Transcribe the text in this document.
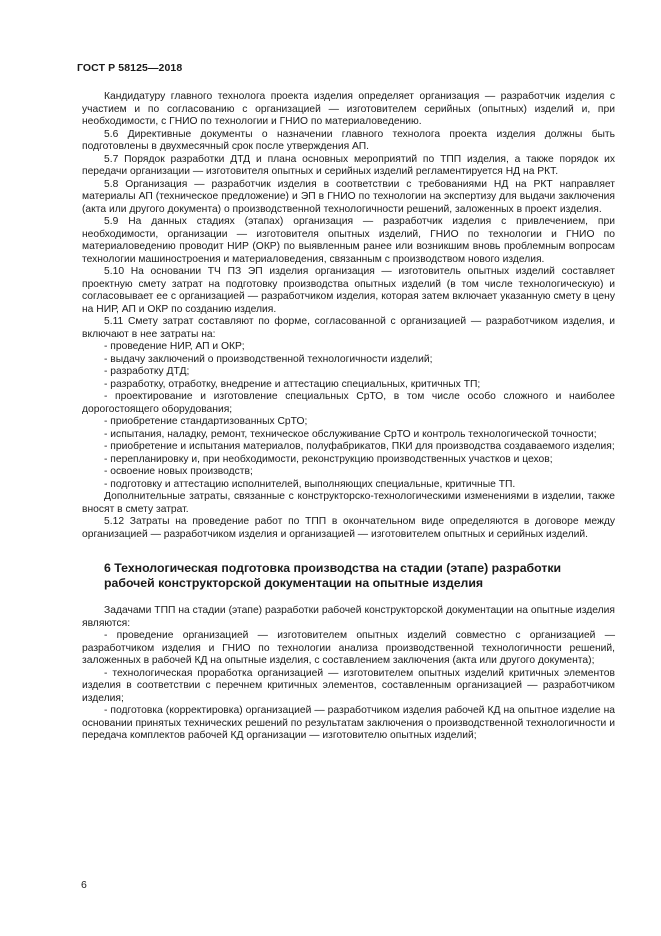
ГОСТ Р 58125—2018

Кандидатуру главного технолога проекта изделия определяет организация — разработчик изделия с участием и по согласованию с организацией — изготовителем серийных (опытных) изделий и, при необходимости, с ГНИО по технологии и ГНИО по материаловедению.

5.6 Директивные документы о назначении главного технолога проекта изделия должны быть подготовлены в двухмесячный срок после утверждения АП.

5.7 Порядок разработки ДТД и плана основных мероприятий по ТПП изделия, а также порядок их передачи организации — изготовителя опытных и серийных изделий регламентируется НД на РКТ.

5.8 Организация — разработчик изделия в соответствии с требованиями НД на РКТ направляет материалы АП (техническое предложение) и ЭП в ГНИО по технологии на экспертизу для выдачи заключения (акта или другого документа) о производственной технологичности решений, заложенных в проект изделия.

5.9 На данных стадиях (этапах) организация — разработчик изделия с привлечением, при необходимости, организации — изготовителя опытных изделий, ГНИО по технологии и ГНИО по материаловедению проводит НИР (ОКР) по выявленным ранее или возникшим вновь проблемным вопросам технологии машиностроения и материаловедения, связанным с производством нового изделия.

5.10 На основании ТЧ ПЗ ЭП изделия организация — изготовитель опытных изделий составляет проектную смету затрат на подготовку производства опытных изделий (в том числе технологическую) и согласовывает ее с организацией — разработчиком изделия, которая затем включает указанную смету в цену на НИР, АП и ОКР по созданию изделия.

5.11 Смету затрат составляют по форме, согласованной с организацией — разработчиком изделия, и включают в нее затраты на:

- проведение НИР, АП и ОКР;

- выдачу заключений о производственной технологичности изделий;

- разработку ДТД;

- разработку, отработку, внедрение и аттестацию специальных, критичных ТП;

- проектирование и изготовление специальных СрТО, в том числе особо сложного и наиболее дорогостоящего оборудования;

- приобретение стандартизованных СрТО;

- испытания, наладку, ремонт, техническое обслуживание СрТО и контроль технологической точности;

- приобретение и испытания материалов, полуфабрикатов, ПКИ для производства создаваемого изделия;

- перепланировку и, при необходимости, реконструкцию производственных участков и цехов;

- освоение новых производств;

- подготовку и аттестацию исполнителей, выполняющих специальные, критичные ТП.

Дополнительные затраты, связанные с конструкторско-технологическими изменениями в изделии, также вносят в смету затрат.

5.12 Затраты на проведение работ по ТПП в окончательном виде определяются в договоре между организацией — разработчиком изделия и организацией — изготовителем опытных и серийных изделий.

6 Технологическая подготовка производства на стадии (этапе) разработки рабочей конструкторской документации на опытные изделия

Задачами ТПП на стадии (этапе) разработки рабочей конструкторской документации на опытные изделия являются:

- проведение организацией — изготовителем опытных изделий совместно с организацией — разработчиком изделия и ГНИО по технологии анализа производственной технологичности решений, заложенных в рабочей КД на опытные изделия, с составлением заключения (акта или другого документа);

- технологическая проработка организацией — изготовителем опытных изделий критичных элементов изделия в соответствии с перечнем критичных элементов, составленным организацией — разработчиком изделия;

- подготовка (корректировка) организацией — разработчиком изделия рабочей КД на опытное изделие на основании принятых технических решений по результатам заключения о производственной технологичности и передача комплектов рабочей КД организации — изготовителю опытных изделий;

6
